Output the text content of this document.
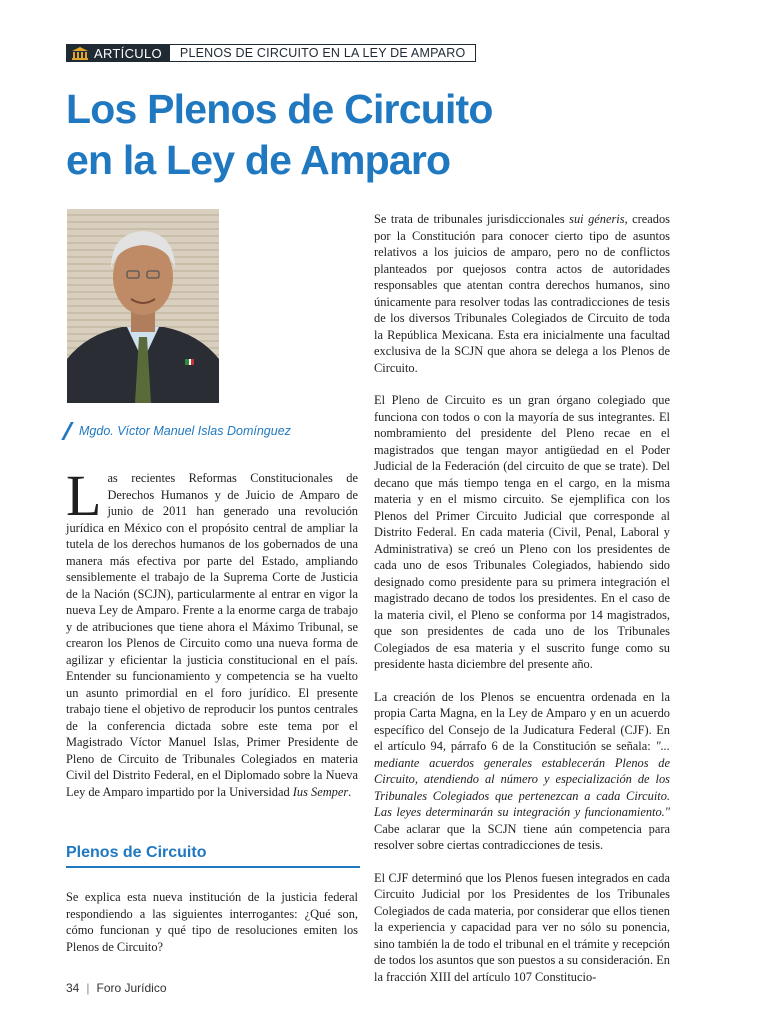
ARTÍCULO	PLENOS DE CIRCUITO EN LA LEY DE AMPARO
Los Plenos de Circuito
en la Ley de Amparo
Mgdo. Víctor Manuel Islas Domínguez

Las recientes Reformas Constitucionales de Derechos Humanos y de Juicio de Amparo de junio de 2011 han generado una revolución jurídica en México con el propósito central de ampliar la tutela de los derechos humanos de los gobernados de una manera más efectiva por parte del Estado, ampliando sensiblemente el trabajo de la Suprema Corte de Justicia de la Nación (SCJN), particularmente al entrar en vigor la nueva Ley de Amparo. Frente a la enorme carga de trabajo y de atribuciones que tiene ahora el Máximo Tribunal, se crearon los Plenos de Circuito como una nueva forma de agilizar y eficientar la justicia constitucional en el país. Entender su funcionamiento y competencia se ha vuelto un asunto primordial en el foro jurídico. El presente trabajo tiene el objetivo de reproducir los puntos centrales de la conferencia dictada sobre este tema por el Magistrado Víctor Manuel Islas, Primer Presidente de Pleno de Circuito de Tribunales Colegiados en materia Civil del Distrito Federal, en el Diplomado sobre la Nueva Ley de Amparo impartido por la Universidad Ius Semper.

Plenos de Circuito

Se explica esta nueva institución de la justicia federal respondiendo a las siguientes interrogantes: ¿Qué son, cómo funcionan y qué tipo de resoluciones emiten los Plenos de Circuito?

Se trata de tribunales jurisdiccionales sui géneris, creados por la Constitución para conocer cierto tipo de asuntos relativos a los juicios de amparo, pero no de conflictos planteados por quejosos contra actos de autoridades responsables que atentan contra derechos humanos, sino únicamente para resolver todas las contradicciones de tesis de los diversos Tribunales Colegiados de Circuito de toda la República Mexicana. Esta era inicialmente una facultad exclusiva de la SCJN que ahora se delega a los Plenos de Circuito.

El Pleno de Circuito es un gran órgano colegiado que funciona con todos o con la mayoría de sus integrantes. El nombramiento del presidente del Pleno recae en el magistrados que tengan mayor antigüedad en el Poder Judicial de la Federación (del circuito de que se trate). Del decano que más tiempo tenga en el cargo, en la misma materia y en el mismo circuito. Se ejemplifica con los Plenos del Primer Circuito Judicial que corresponde al Distrito Federal. En cada materia (Civil, Penal, Laboral y Administrativa) se creó un Pleno con los presidentes de cada uno de esos Tribunales Colegiados, habiendo sido designado como presidente para su primera integración el magistrado decano de todos los presidentes. En el caso de la materia civil, el Pleno se conforma por 14 magistrados, que son presidentes de cada uno de los Tribunales Colegiados de esa materia y el suscrito funge como su presidente hasta diciembre del presente año.

La creación de los Plenos se encuentra ordenada en la propia Carta Magna, en la Ley de Amparo y en un acuerdo específico del Consejo de la Judicatura Federal (CJF). En el artículo 94, párrafo 6 de la Constitución se señala: "... mediante acuerdos generales establecerán Plenos de Circuito, atendiendo al número y especialización de los Tribunales Colegiados que pertenezcan a cada Circuito. Las leyes determinarán su integración y funcionamiento." Cabe aclarar que la SCJN tiene aún competencia para resolver sobre ciertas contradicciones de tesis.

El CJF determinó que los Plenos fuesen integrados en cada Circuito Judicial por los Presidentes de los Tribunales Colegiados de cada materia, por considerar que ellos tienen la experiencia y capacidad para ver no sólo su ponencia, sino también la de todo el tribunal en el trámite y recepción de todos los asuntos que son puestos a su consideración. En la fracción XIII del artículo 107 Constitucio-

34 | Foro Jurídico
